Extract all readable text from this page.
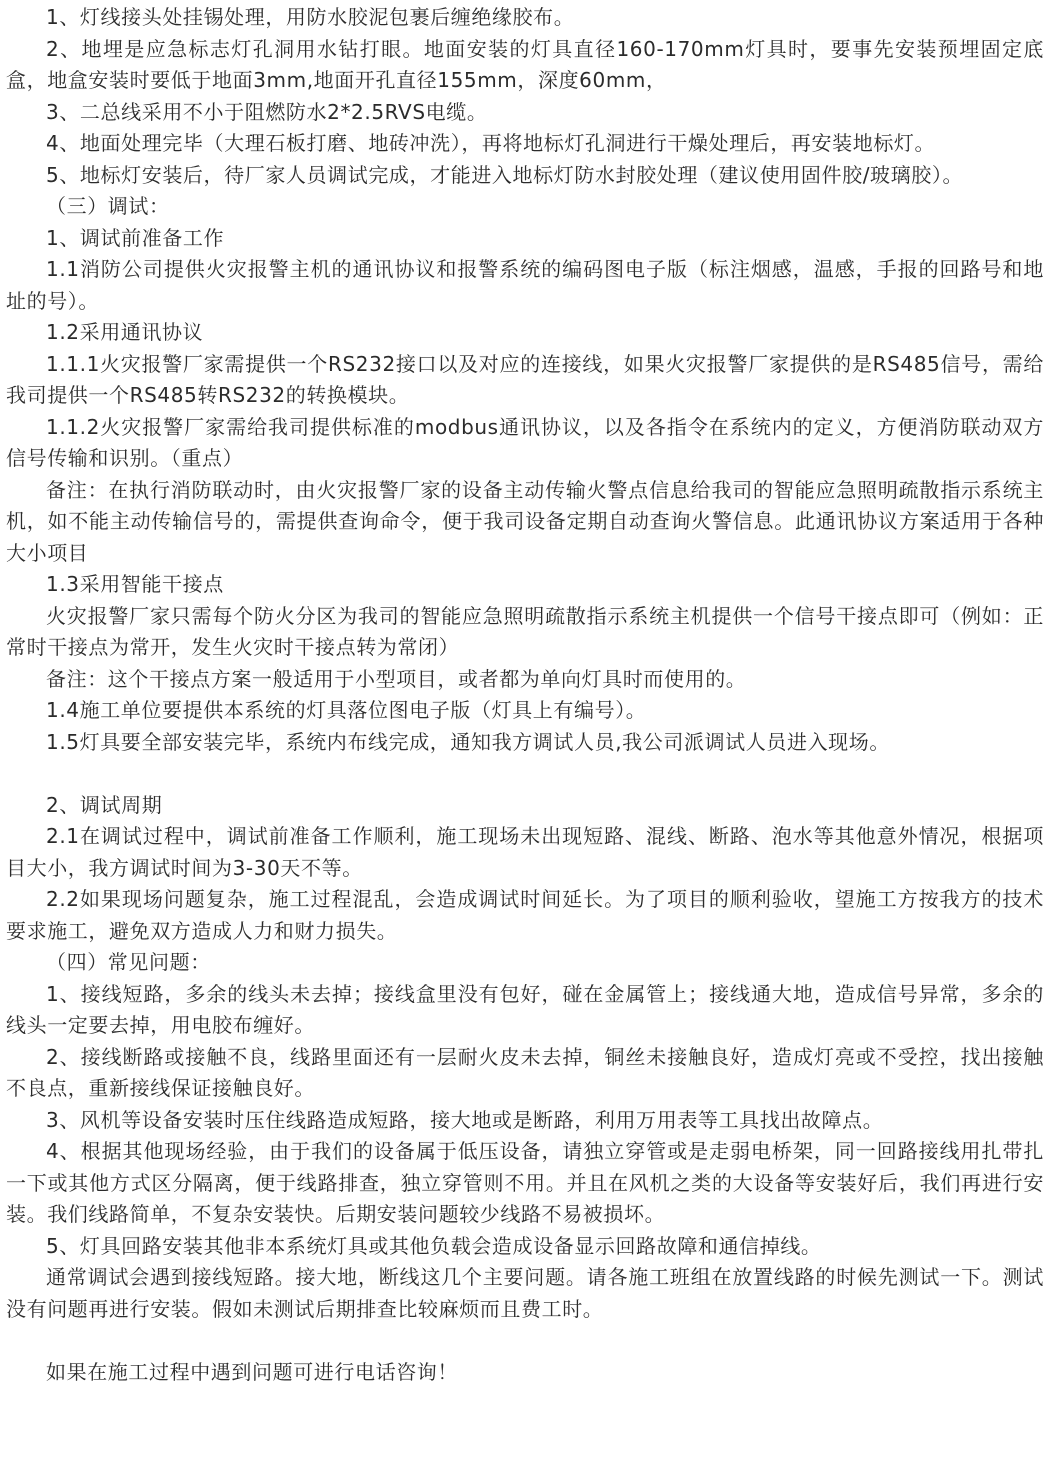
1、灯线接头处挂锡处理，用防水胶泥包裹后缠绝缘胶布。

2、地埋是应急标志灯孔洞用水钻打眼。地面安装的灯具直径160-170mm灯具时，要事先安装预埋固定底盒，地盒安装时要低于地面3mm,地面开孔直径155mm，深度60mm，

3、二总线采用不小于阻燃防水2*2.5RVS电缆。

4、地面处理完毕（大理石板打磨、地砖冲洗），再将地标灯孔洞进行干燥处理后，再安装地标灯。

5、地标灯安装后，待厂家人员调试完成，才能进入地标灯防水封胶处理（建议使用固件胶/玻璃胶）。

（三）调试：

1、调试前准备工作

1.1消防公司提供火灾报警主机的通讯协议和报警系统的编码图电子版（标注烟感，温感，手报的回路号和地址的号）。

1.2采用通讯协议

1.1.1火灾报警厂家需提供一个RS232接口以及对应的连接线，如果火灾报警厂家提供的是RS485信号，需给我司提供一个RS485转RS232的转换模块。

1.1.2火灾报警厂家需给我司提供标准的modbus通讯协议，以及各指令在系统内的定义，方便消防联动双方信号传输和识别。（重点）

备注：在执行消防联动时，由火灾报警厂家的设备主动传输火警点信息给我司的智能应急照明疏散指示系统主机，如不能主动传输信号的，需提供查询命令，便于我司设备定期自动查询火警信息。此通讯协议方案适用于各种大小项目

1.3采用智能干接点

火灾报警厂家只需每个防火分区为我司的智能应急照明疏散指示系统主机提供一个信号干接点即可（例如：正常时干接点为常开，发生火灾时干接点转为常闭）

备注：这个干接点方案一般适用于小型项目，或者都为单向灯具时而使用的。

1.4施工单位要提供本系统的灯具落位图电子版（灯具上有编号）。

1.5灯具要全部安装完毕，系统内布线完成，通知我方调试人员,我公司派调试人员进入现场。

2、调试周期

2.1在调试过程中，调试前准备工作顺利，施工现场未出现短路、混线、断路、泡水等其他意外情况，根据项目大小，我方调试时间为3-30天不等。

2.2如果现场问题复杂，施工过程混乱，会造成调试时间延长。为了项目的顺利验收，望施工方按我方的技术要求施工，避免双方造成人力和财力损失。

（四）常见问题：

1、接线短路，多余的线头未去掉；接线盒里没有包好，碰在金属管上；接线通大地，造成信号异常，多余的线头一定要去掉，用电胶布缠好。

2、接线断路或接触不良，线路里面还有一层耐火皮未去掉，铜丝未接触良好，造成灯亮或不受控，找出接触不良点，重新接线保证接触良好。

3、风机等设备安装时压住线路造成短路，接大地或是断路，利用万用表等工具找出故障点。

4、根据其他现场经验，由于我们的设备属于低压设备，请独立穿管或是走弱电桥架，同一回路接线用扎带扎一下或其他方式区分隔离，便于线路排查，独立穿管则不用。并且在风机之类的大设备等安装好后，我们再进行安装。我们线路简单，不复杂安装快。后期安装问题较少线路不易被损坏。

5、灯具回路安装其他非本系统灯具或其他负载会造成设备显示回路故障和通信掉线。

通常调试会遇到接线短路。接大地，断线这几个主要问题。请各施工班组在放置线路的时候先测试一下。测试没有问题再进行安装。假如未测试后期排查比较麻烦而且费工时。

如果在施工过程中遇到问题可进行电话咨询！
